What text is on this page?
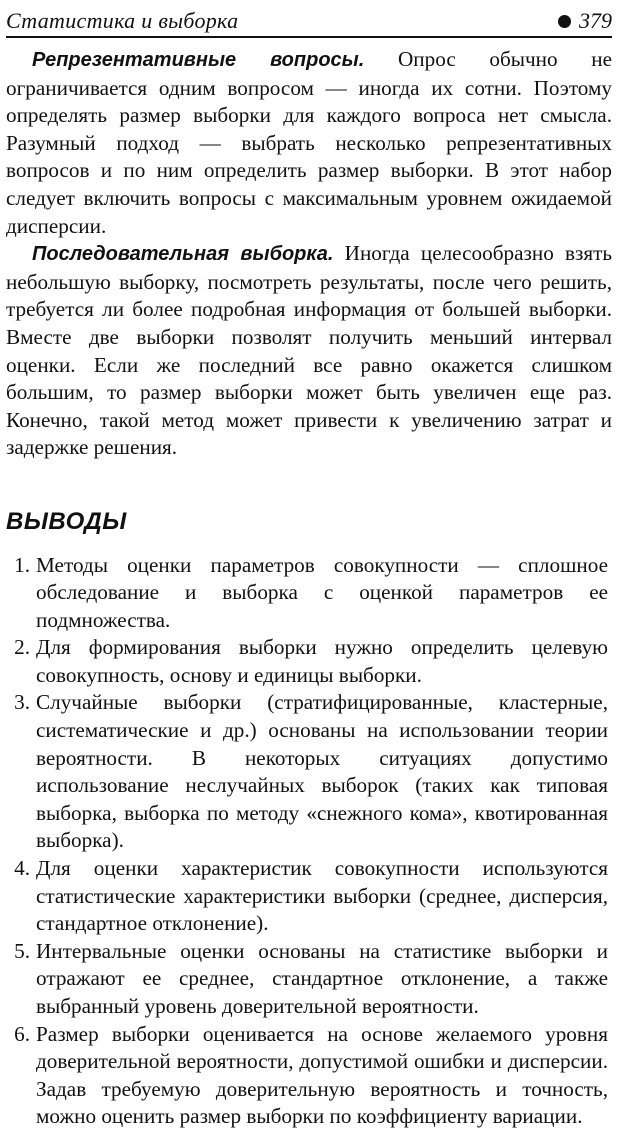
Статистика и выборка	379

Репрезентативные вопросы. Опрос обычно не ограничивается одним вопросом — иногда их сотни. Поэтому определять размер выборки для каждого вопроса нет смысла. Разумный подход — выбрать несколько репрезентативных вопросов и по ним определить размер выборки. В этот набор следует включить вопросы с максимальным уровнем ожидаемой дисперсии.

Последовательная выборка. Иногда целесообразно взять небольшую выборку, посмотреть результаты, после чего решить, требуется ли более подробная информация от большей выборки. Вместе две выборки позволят получить меньший интервал оценки. Если же последний все равно окажется слишком большим, то размер выборки может быть увеличен еще раз. Конечно, такой метод может привести к увеличению затрат и задержке решения.

ВЫВОДЫ
1. Методы оценки параметров совокупности — сплошное обследование и выборка с оценкой параметров ее подмножества.
2. Для формирования выборки нужно определить целевую совокупность, основу и единицы выборки.
3. Случайные выборки (стратифицированные, кластерные, систематические и др.) основаны на использовании теории вероятности. В некоторых ситуациях допустимо использование неслучайных выборок (таких как типовая выборка, выборка по методу «снежного кома», квотированная выборка).
4. Для оценки характеристик совокупности используются статистические характеристики выборки (среднее, дисперсия, стандартное отклонение).
5. Интервальные оценки основаны на статистике выборки и отражают ее среднее, стандартное отклонение, а также выбранный уровень доверительной вероятности.
6. Размер выборки оценивается на основе желаемого уровня доверительной вероятности, допустимой ошибки и дисперсии. Задав требуемую доверительную вероятность и точность, можно оценить размер выборки по коэффициенту вариации.
